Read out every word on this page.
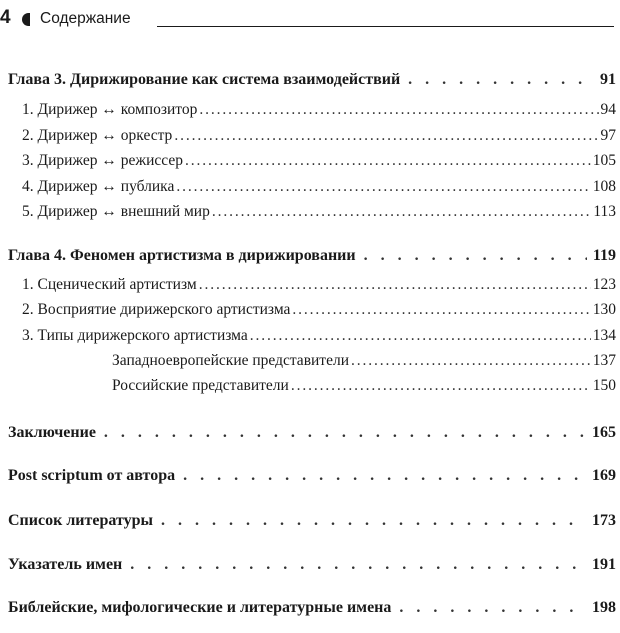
4 Содержание
Глава 3. Дирижирование как система взаимодействий . . .	91
1. Дирижер ↔ композитор . . .	94
2. Дирижер ↔ оркестр . . .	97
3. Дирижер ↔ режиссер . . .	105
4. Дирижер ↔ публика . . .	108
5. Дирижер ↔ внешний мир . . .	113
Глава 4. Феномен артистизма в дирижировании . . .	119
1. Сценический артистизм . . .	123
2. Восприятие дирижерского артистизма . . .	130
3. Типы дирижерского артистизма . . .	134
Западноевропейские представители . . .	137
Российские представители . . .	150
Заключение . . .	165
Post scriptum от автора . . .	169
Список литературы . . .	173
Указатель имен . . .	191
Библейские, мифологические и литературные имена . . .	198
